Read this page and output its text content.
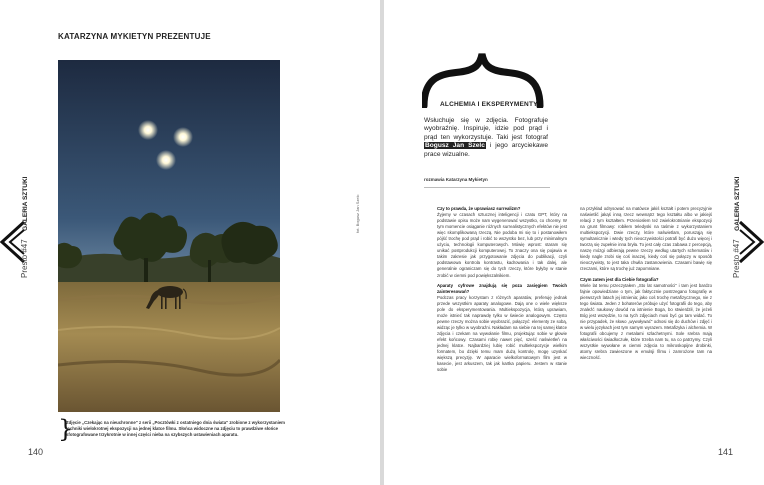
KATARZYNA MYKIETYN PREZENTUJE
}
Zdjęcie „Czekając na nieuchronne" z serii „Pocztówki z ostatniego dnia świata" zrobione z wykorzystaniem techniki wielokrotnej ekspozycji na jednej klatce filmu. Słońca widoczne na zdjęciu to prawdziwe słońce sfotografowane trzykrotnie w innej części nieba na szybszych ustawieniach aparatu.
fot. Bogusz Jan Szelc
140
Presto #47 GALERIA SZTUKI
ALCHEMIA I EKSPERYMENTY
Wsłuchuje się w zdjęcia. Fotografuje wyobraźnię. Inspiruje, idzie pod prąd i prąd ten wykorzystuje. Taki jest fotograf Bogusz Jan Szelc i jego arcyciekawe prace wizualne.
rozmawia Katarzyna Mykietyn

Czy to prawda, że uprawiasz surrealizm?

Żyjemy w czasach sztucznej inteligencji i czatu GPT, który na podstawie opisu może nam wygenerować wszystko, co chcemy. W tym momencie osiąganie różnych surrealistycznych efektów nie jest więc skomplikowaną rzeczą. Nie podoba mi się to i postanowiłem pójść trochę pod prąd i robić to wszystko bez, lub przy minimalnym użyciu, technologii komputerowych. Mówię wprost: staram się unikać postprodukcji komputerowej. To znaczy ona się pojawia w takim zakresie jak przygotowanie zdjęcia do publikacji, czyli podstawowa kontrola kontrastu, kadrowania i tak dalej, ale generalnie ograniczam się do tych rzeczy, które byłyby w stanie zrobić w ciemni pod powiększalnikiem.

Aparaty cyfrowe znajdują się poza zasięgiem Twoich zainteresowań?

Podczas pracy korzystam z różnych aparatów, preferuję jednak przede wszystkim aparaty analogowe. Dają one o wiele większe pole do eksperymentowania. Multiekspozycja, którą uprawiam, może istnieć tak naprawdę tylko w świecie analogowym. Często pewne rzeczy można sobie wyobrazić, połączyć: elementy ze sobą, widząc je tylko w wyobraźni. Nakładam na siebie na tej samej klatce zdjęcia i czekam na wywołanie filmu, projektując sobie w głowie efekt końcowy. Czasami robię nawet pięć, sześć naświetleń na jednej klatce. Najbardziej lubię robić multiekspozycje wielkim formatem, bo dzięki temu mam dużą kontrolę, mogę uzyskać większą precyzję. W aparacie wielkoformatowym film jest w kasecie, jest arkuszem, tak jak kartka papieru. Jestem w stanie sobie

na przykład odrysować na matówce jakiś kształt i potem precyzyjnie naświetlić jakąś inną rzecz wewnątrz tego kształtu albo w jakiejś relacji z tym kształtem. Przeniosłem też zwielokrotnianie ekspozycji na grunt filmowy: robiłem teledyski na taśmie z wykorzystaniem multiekspozycji. Dwie rzeczy, które naświetlam, porusząją się symultanicznie i wtedy tych nieoczywistości potrafi być dużo więcej i tworzą się zupełnie inna bryła. To jest cały czas zabawa z percepcją, naszę mózgi odbierają pewne rzeczy według utartych schematów i kiedy nagle zrobi się coś inaczej, kiedy coś się połączy w sposób nieoczywisty, to jest taka chwila zastanowienia. Czasami bawię się rzeczami, które są trochę już zapomniane.

Czym zatem jest dla Ciebie fotografia?

Wiele lat temu przeczytałem „Sto lat samotności" i tam jest bardzo fajnie opowiedziane o tym, jak faktycznie postrzegano fotografię w pierwszych latach jej istnienia; jako coś trochę metafizycznego, nie z tego świata. Jeden z bohaterów próbuje użyć fotografii do tego, aby znaleźć naukowy dowód na istnienie Boga, bo stwierdził, że jeżeli Bóg jest wszędzie, to na tych zdjęciach musi być go tam widać. To nie przypadek, że słowo „wywoływać" odnosi się do duchów i zdjęć i w wielu językach jest tym samym wyrazem. Metafizyka i alchemia. W fotografii obcujemy z metalami szlachetnymi. Sole srebra mają właściwości świadłoczułe, które trzeba nam tu, na co patrzymy. Czyli wszystkie wywołane w ciemni zdjęcia to mikroskopijne drobinki, atomy srebra zawieszone w emulsji filmu i zamrożone tam na wieczność.

141
Presto #47 GALERIA SZTUKI
